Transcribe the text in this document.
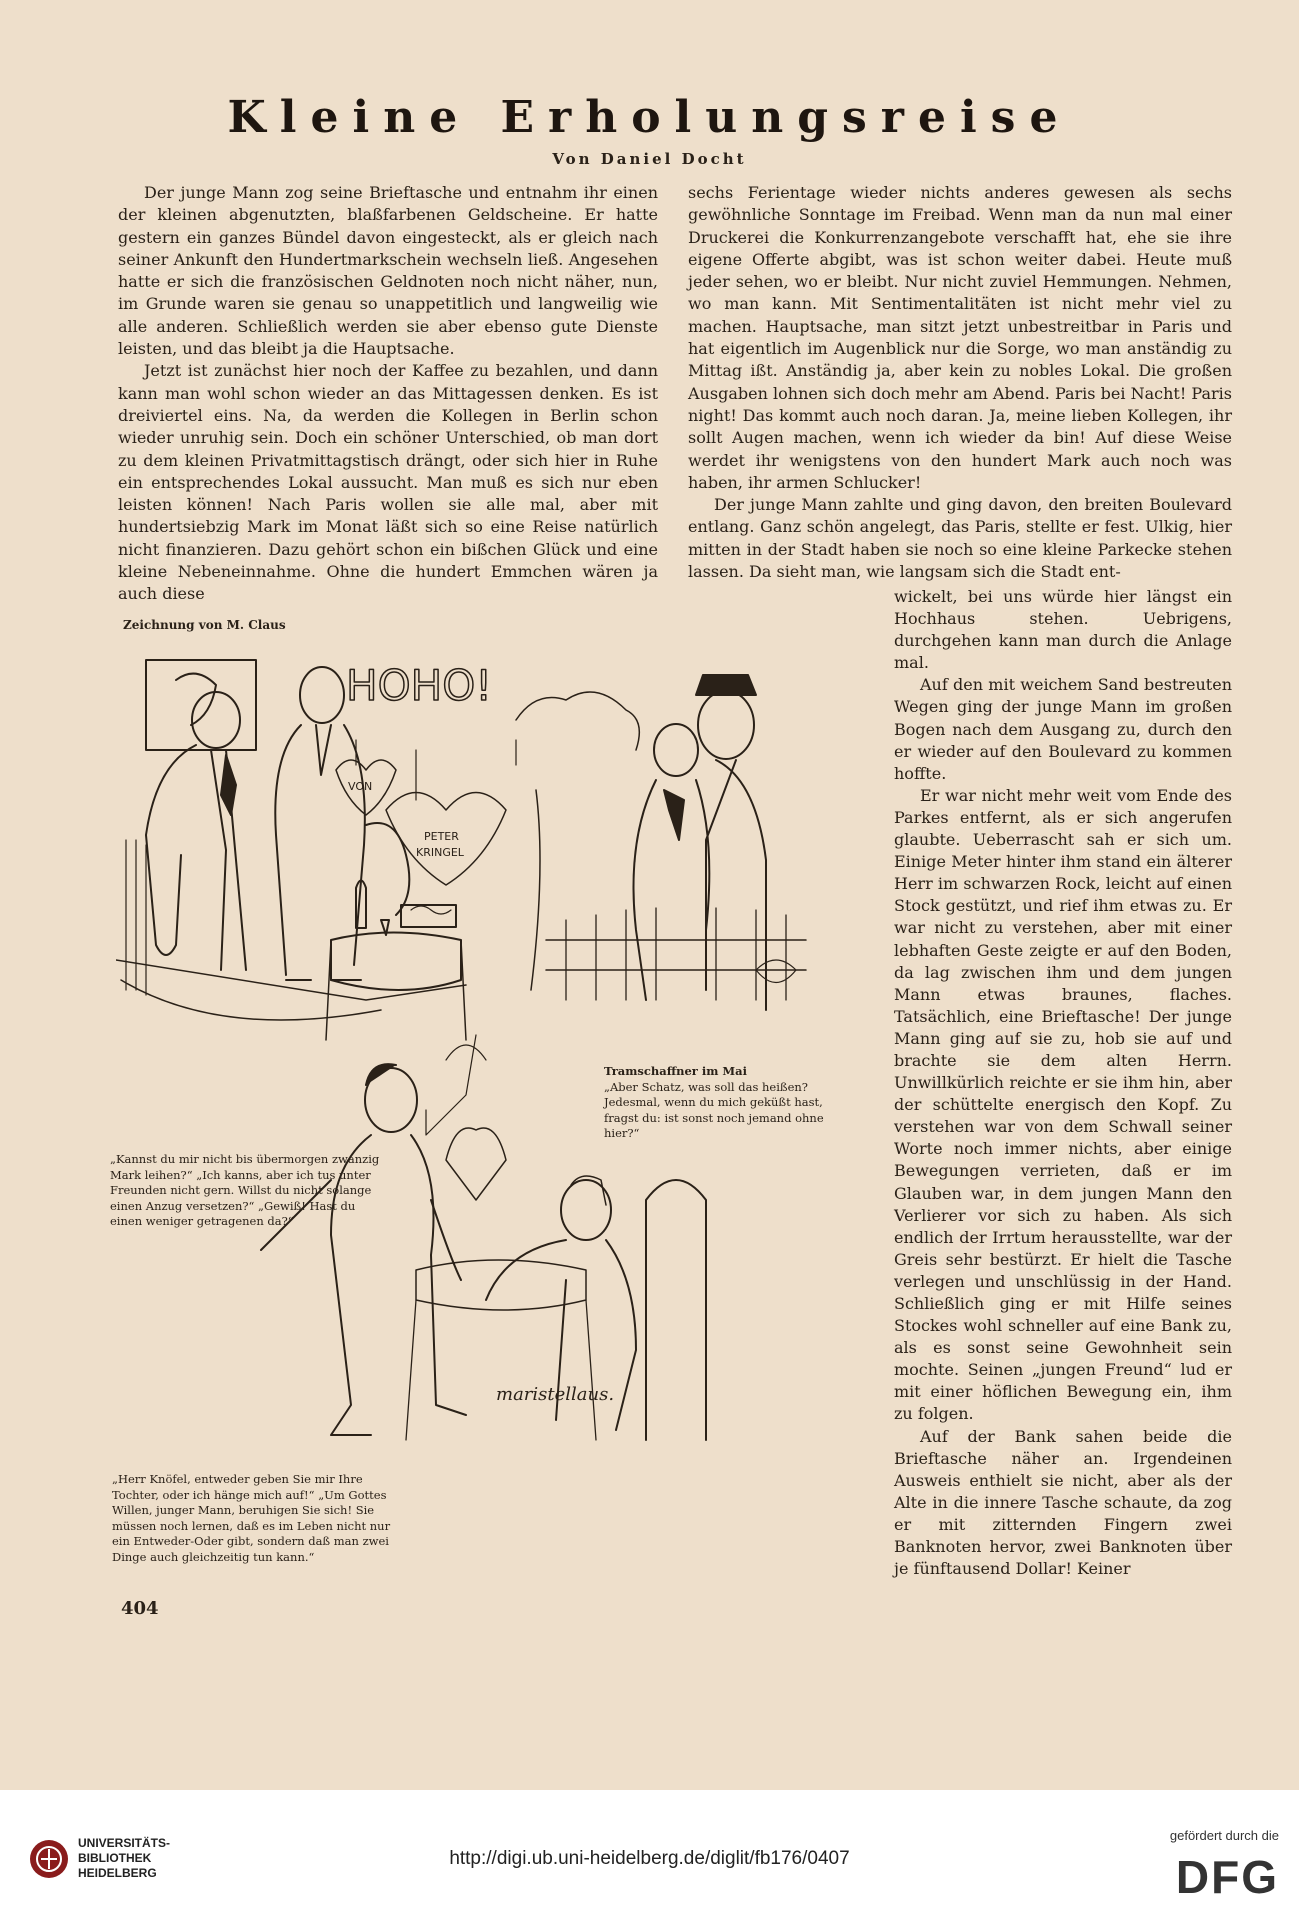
Kleine Erholungsreise
Von Daniel Docht

Der junge Mann zog seine Brieftasche und entnahm ihr einen der kleinen abgenutzten, blaßfarbenen Geldscheine. Er hatte gestern ein ganzes Bündel davon eingesteckt, als er gleich nach seiner Ankunft den Hundertmarkschein wechseln ließ. Angesehen hatte er sich die französischen Geldnoten noch nicht näher, nun, im Grunde waren sie genau so unappetitlich und langweilig wie alle anderen. Schließlich werden sie aber ebenso gute Dienste leisten, und das bleibt ja die Hauptsache.

Jetzt ist zunächst hier noch der Kaffee zu bezahlen, und dann kann man wohl schon wieder an das Mittagessen denken. Es ist dreiviertel eins. Na, da werden die Kollegen in Berlin schon wieder unruhig sein. Doch ein schöner Unterschied, ob man dort zu dem kleinen Privatmittagstisch drängt, oder sich hier in Ruhe ein entsprechendes Lokal aussucht. Man muß es sich nur eben leisten können! Nach Paris wollen sie alle mal, aber mit hundertsiebzig Mark im Monat läßt sich so eine Reise natürlich nicht finanzieren. Dazu gehört schon ein bißchen Glück und eine kleine Nebeneinnahme. Ohne die hundert Emmchen wären ja auch diese

sechs Ferientage wieder nichts anderes gewesen als sechs gewöhnliche Sonntage im Freibad. Wenn man da nun mal einer Druckerei die Konkurrenzangebote verschafft hat, ehe sie ihre eigene Offerte abgibt, was ist schon weiter dabei. Heute muß jeder sehen, wo er bleibt. Nur nicht zuviel Hemmungen. Nehmen, wo man kann. Mit Sentimentalitäten ist nicht mehr viel zu machen. Hauptsache, man sitzt jetzt unbestreitbar in Paris und hat eigentlich im Augenblick nur die Sorge, wo man anständig zu Mittag ißt. Anständig ja, aber kein zu nobles Lokal. Die großen Ausgaben lohnen sich doch mehr am Abend. Paris bei Nacht! Paris night! Das kommt auch noch daran. Ja, meine lieben Kollegen, ihr sollt Augen machen, wenn ich wieder da bin! Auf diese Weise werdet ihr wenigstens von den hundert Mark auch noch was haben, ihr armen Schlucker!

Der junge Mann zahlte und ging davon, den breiten Boulevard entlang. Ganz schön angelegt, das Paris, stellte er fest. Ulkig, hier mitten in der Stadt haben sie noch so eine kleine Parkecke stehen lassen. Da sieht man, wie langsam sich die Stadt ent-

wickelt, bei uns würde hier längst ein Hochhaus stehen. Uebrigens, durchgehen kann man durch die Anlage mal.

Auf den mit weichem Sand bestreuten Wegen ging der junge Mann im großen Bogen nach dem Ausgang zu, durch den er wieder auf den Boulevard zu kommen hoffte.

Er war nicht mehr weit vom Ende des Parkes entfernt, als er sich angerufen glaubte. Ueberrascht sah er sich um. Einige Meter hinter ihm stand ein älterer Herr im schwarzen Rock, leicht auf einen Stock gestützt, und rief ihm etwas zu. Er war nicht zu verstehen, aber mit einer lebhaften Geste zeigte er auf den Boden, da lag zwischen ihm und dem jungen Mann etwas braunes, flaches. Tatsächlich, eine Brieftasche! Der junge Mann ging auf sie zu, hob sie auf und brachte sie dem alten Herrn. Unwillkürlich reichte er sie ihm hin, aber der schüttelte energisch den Kopf. Zu verstehen war von dem Schwall seiner Worte noch immer nichts, aber einige Bewegungen verrieten, daß er im Glauben war, in dem jungen Mann den Verlierer vor sich zu haben. Als sich endlich der Irrtum herausstellte, war der Greis sehr bestürzt. Er hielt die Tasche verlegen und unschlüssig in der Hand. Schließlich ging er mit Hilfe seines Stockes wohl schneller auf eine Bank zu, als es sonst seine Gewohnheit sein mochte. Seinen „jungen Freund“ lud er mit einer höflichen Bewegung ein, ihm zu folgen.

Auf der Bank sahen beide die Brieftasche näher an. Irgendeinen Ausweis enthielt sie nicht, aber als der Alte in die innere Tasche schaute, da zog er mit zitternden Fingern zwei Banknoten hervor, zwei Banknoten über je fünftausend Dollar! Keiner

Zeichnung von M. Claus
HOHO!
VON
PETER
KRINGEL
maristellaus.
Tramschaffner im Mai
„Aber Schatz, was soll das heißen? Jedesmal, wenn du mich geküßt hast, fragst du: ist sonst noch jemand ohne hier?“
„Kannst du mir nicht bis übermorgen zwanzig Mark leihen?“ „Ich kanns, aber ich tus unter Freunden nicht gern. Willst du nicht solange einen Anzug versetzen?“ „Gewiß! Hast du einen weniger getragenen da?“
„Herr Knöfel, entweder geben Sie mir Ihre Tochter, oder ich hänge mich auf!“ „Um Gottes Willen, junger Mann, beruhigen Sie sich! Sie müssen noch lernen, daß es im Leben nicht nur ein Entweder-Oder gibt, sondern daß man zwei Dinge auch gleichzeitig tun kann.“
404
UNIVERSITÄTS-
BIBLIOTHEK
HEIDELBERG
http://digi.ub.uni-heidelberg.de/diglit/fb176/0407
gefördert durch die
DFG
